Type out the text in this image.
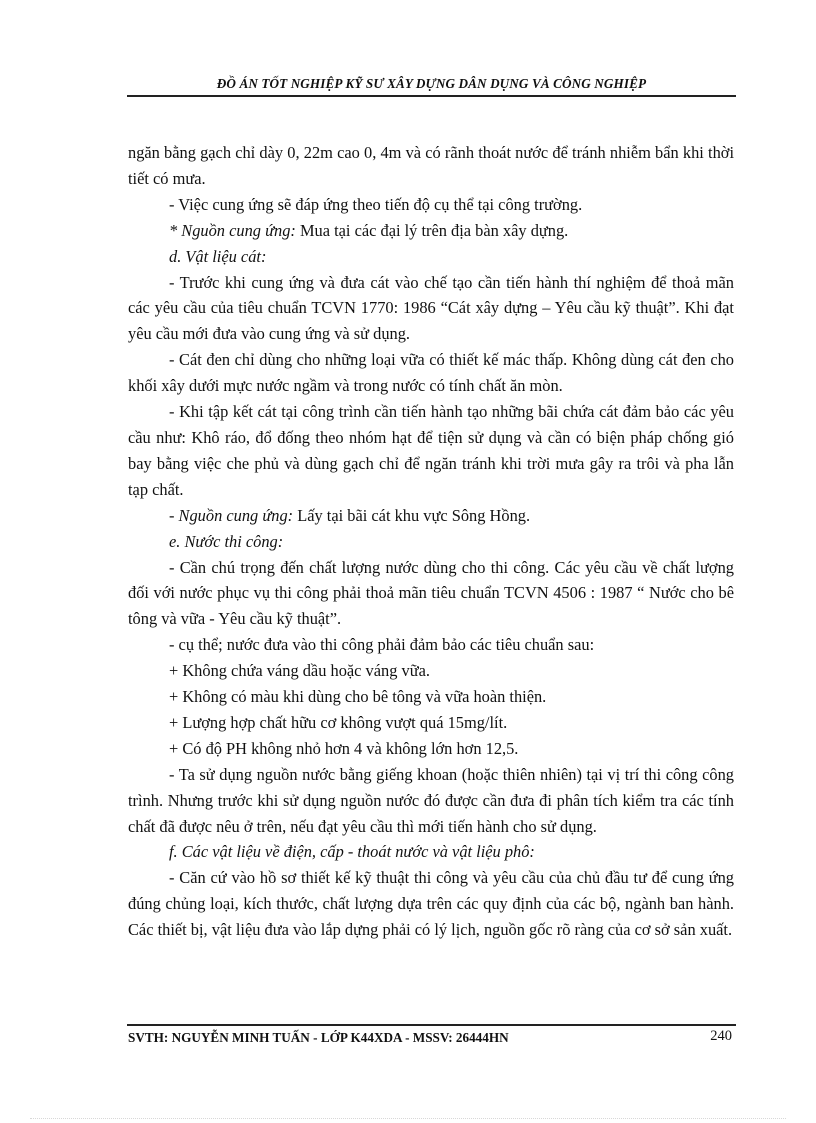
ĐỒ ÁN TỐT NGHIỆP KỸ SƯ XÂY DỰNG DÂN DỤNG VÀ CÔNG NGHIỆP

ngăn bằng gạch chỉ dày 0, 22m cao 0, 4m và có rãnh thoát nước để tránh nhiễm bẩn khi thời tiết có mưa.

- Việc cung ứng sẽ đáp ứng theo tiến độ cụ thể tại công trường.

* Nguồn cung ứng: Mua tại các đại lý trên địa bàn xây dựng.

d. Vật liệu cát:

- Trước khi cung ứng và đưa cát vào chế tạo cần tiến hành thí nghiệm để thoả mãn các yêu cầu của tiêu chuẩn TCVN 1770: 1986 “Cát xây dựng – Yêu cầu kỹ thuật”. Khi đạt yêu cầu mới đưa vào cung ứng và sử dụng.

- Cát đen chỉ dùng cho những loại vữa có thiết kế mác thấp. Không dùng cát đen cho khối xây dưới mực nước ngầm và trong nước có tính chất ăn mòn.

- Khi tập kết cát tại công trình cần tiến hành tạo những bãi chứa cát đảm bảo các yêu cầu như: Khô ráo, đổ đống theo nhóm hạt để tiện sử dụng và cần có biện pháp chống gió bay bằng việc che phủ và dùng gạch chỉ để ngăn tránh khi trời mưa gây ra trôi và pha lẫn tạp chất.

- Nguồn cung ứng: Lấy tại bãi cát khu vực Sông Hồng.

e. Nước thi công:

- Cần chú trọng đến chất lượng nước dùng cho thi công. Các yêu cầu về chất lượng đối với nước phục vụ thi công phải thoả mãn tiêu chuẩn TCVN 4506 : 1987 “ Nước cho bê tông và vữa - Yêu cầu kỹ thuật”.

- cụ thể; nước đưa vào thi công phải đảm bảo các tiêu chuẩn sau:

+ Không chứa váng dầu hoặc váng vữa.

+ Không có màu khi dùng cho bê tông và vữa hoàn thiện.

+ Lượng hợp chất hữu cơ không vượt quá 15mg/lít.

+ Có độ PH không nhỏ hơn 4 và không lớn hơn 12,5.

- Ta sử dụng nguồn nước bằng giếng khoan (hoặc thiên nhiên) tại vị trí thi công công trình. Nhưng trước khi sử dụng nguồn nước đó được cần đưa đi phân tích kiểm tra các tính chất đã được nêu ở trên, nếu đạt yêu cầu thì mới tiến hành cho sử dụng.

f. Các vật liệu về điện, cấp - thoát nước và vật liệu phô:

- Căn cứ vào hồ sơ thiết kế kỹ thuật thi công và yêu cầu của chủ đầu tư để cung ứng đúng chủng loại, kích thước, chất lượng dựa trên các quy định của các bộ, ngành ban hành. Các thiết bị, vật liệu đưa vào lắp dựng phải có lý lịch, nguồn gốc rõ ràng của cơ sở sản xuất.

SVTH: NGUYỄN MINH TUẤN - LỚP K44XDA - MSSV: 26444HN	240
